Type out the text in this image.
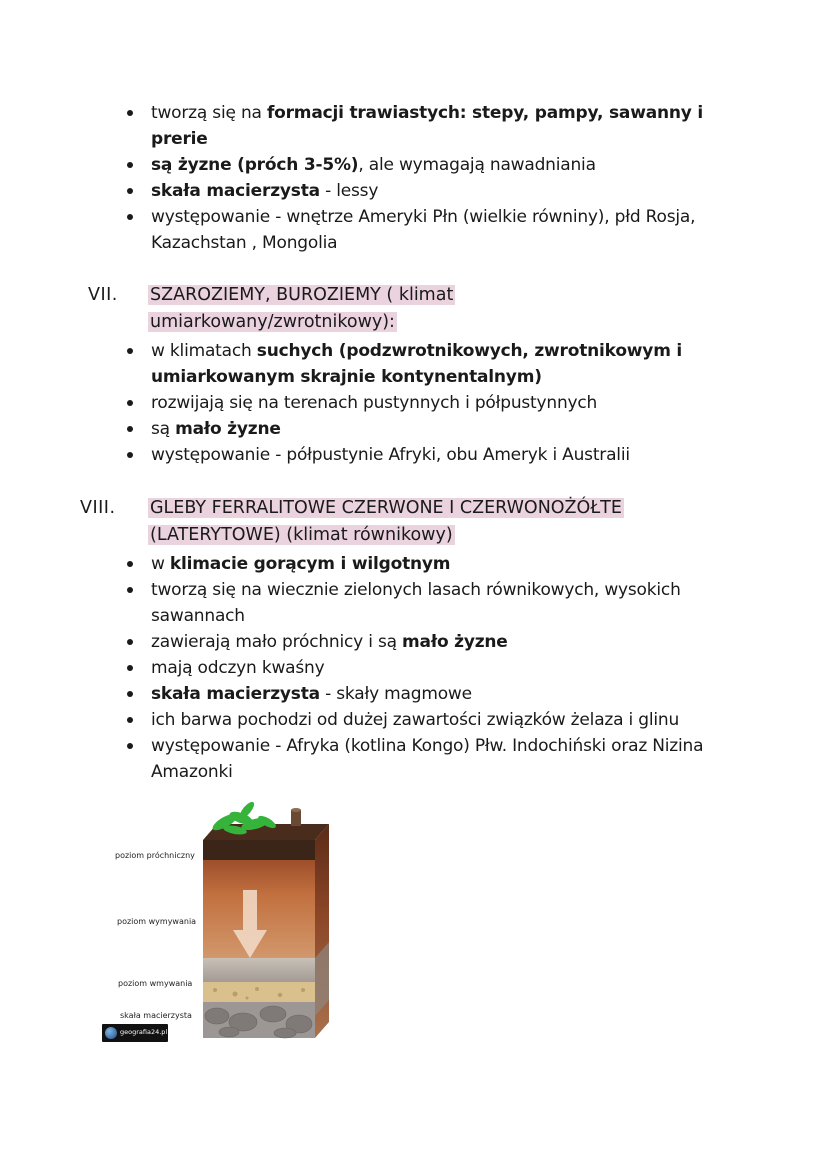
tworzą się na formacji trawiastych: stepy, pampy, sawanny i prerie
są żyzne (próch 3-5%), ale wymagają nawadniania
skała macierzysta - lessy
występowanie - wnętrze Ameryki Płn (wielkie równiny), płd Rosja, Kazachstan , Mongolia
VII. SZAROZIEMY, BUROZIEMY ( klimat
umiarkowany/zwrotnikowy):
w klimatach suchych (podzwrotnikowych, zwrotnikowym i umiarkowanym skrajnie kontynentalnym)
rozwijają się na terenach pustynnych i półpustynnych
są mało żyzne
występowanie - półpustynie Afryki, obu Ameryk i Australii
VIII. GLEBY FERRALITOWE CZERWONE I CZERWONOŻÓŁTE
(LATERYTOWE) (klimat równikowy)
w klimacie gorącym i wilgotnym
tworzą się na wiecznie zielonych lasach równikowych, wysokich sawannach
zawierają mało próchnicy i są mało żyzne
mają odczyn kwaśny
skała macierzysta - skały magmowe
ich barwa pochodzi od dużej zawartości związków żelaza i glinu
występowanie - Afryka (kotlina Kongo) Płw. Indochiński oraz Nizina Amazonki
poziom próchniczny
poziom wymywania
poziom wmywania
skała macierzysta
geografia24.pl
